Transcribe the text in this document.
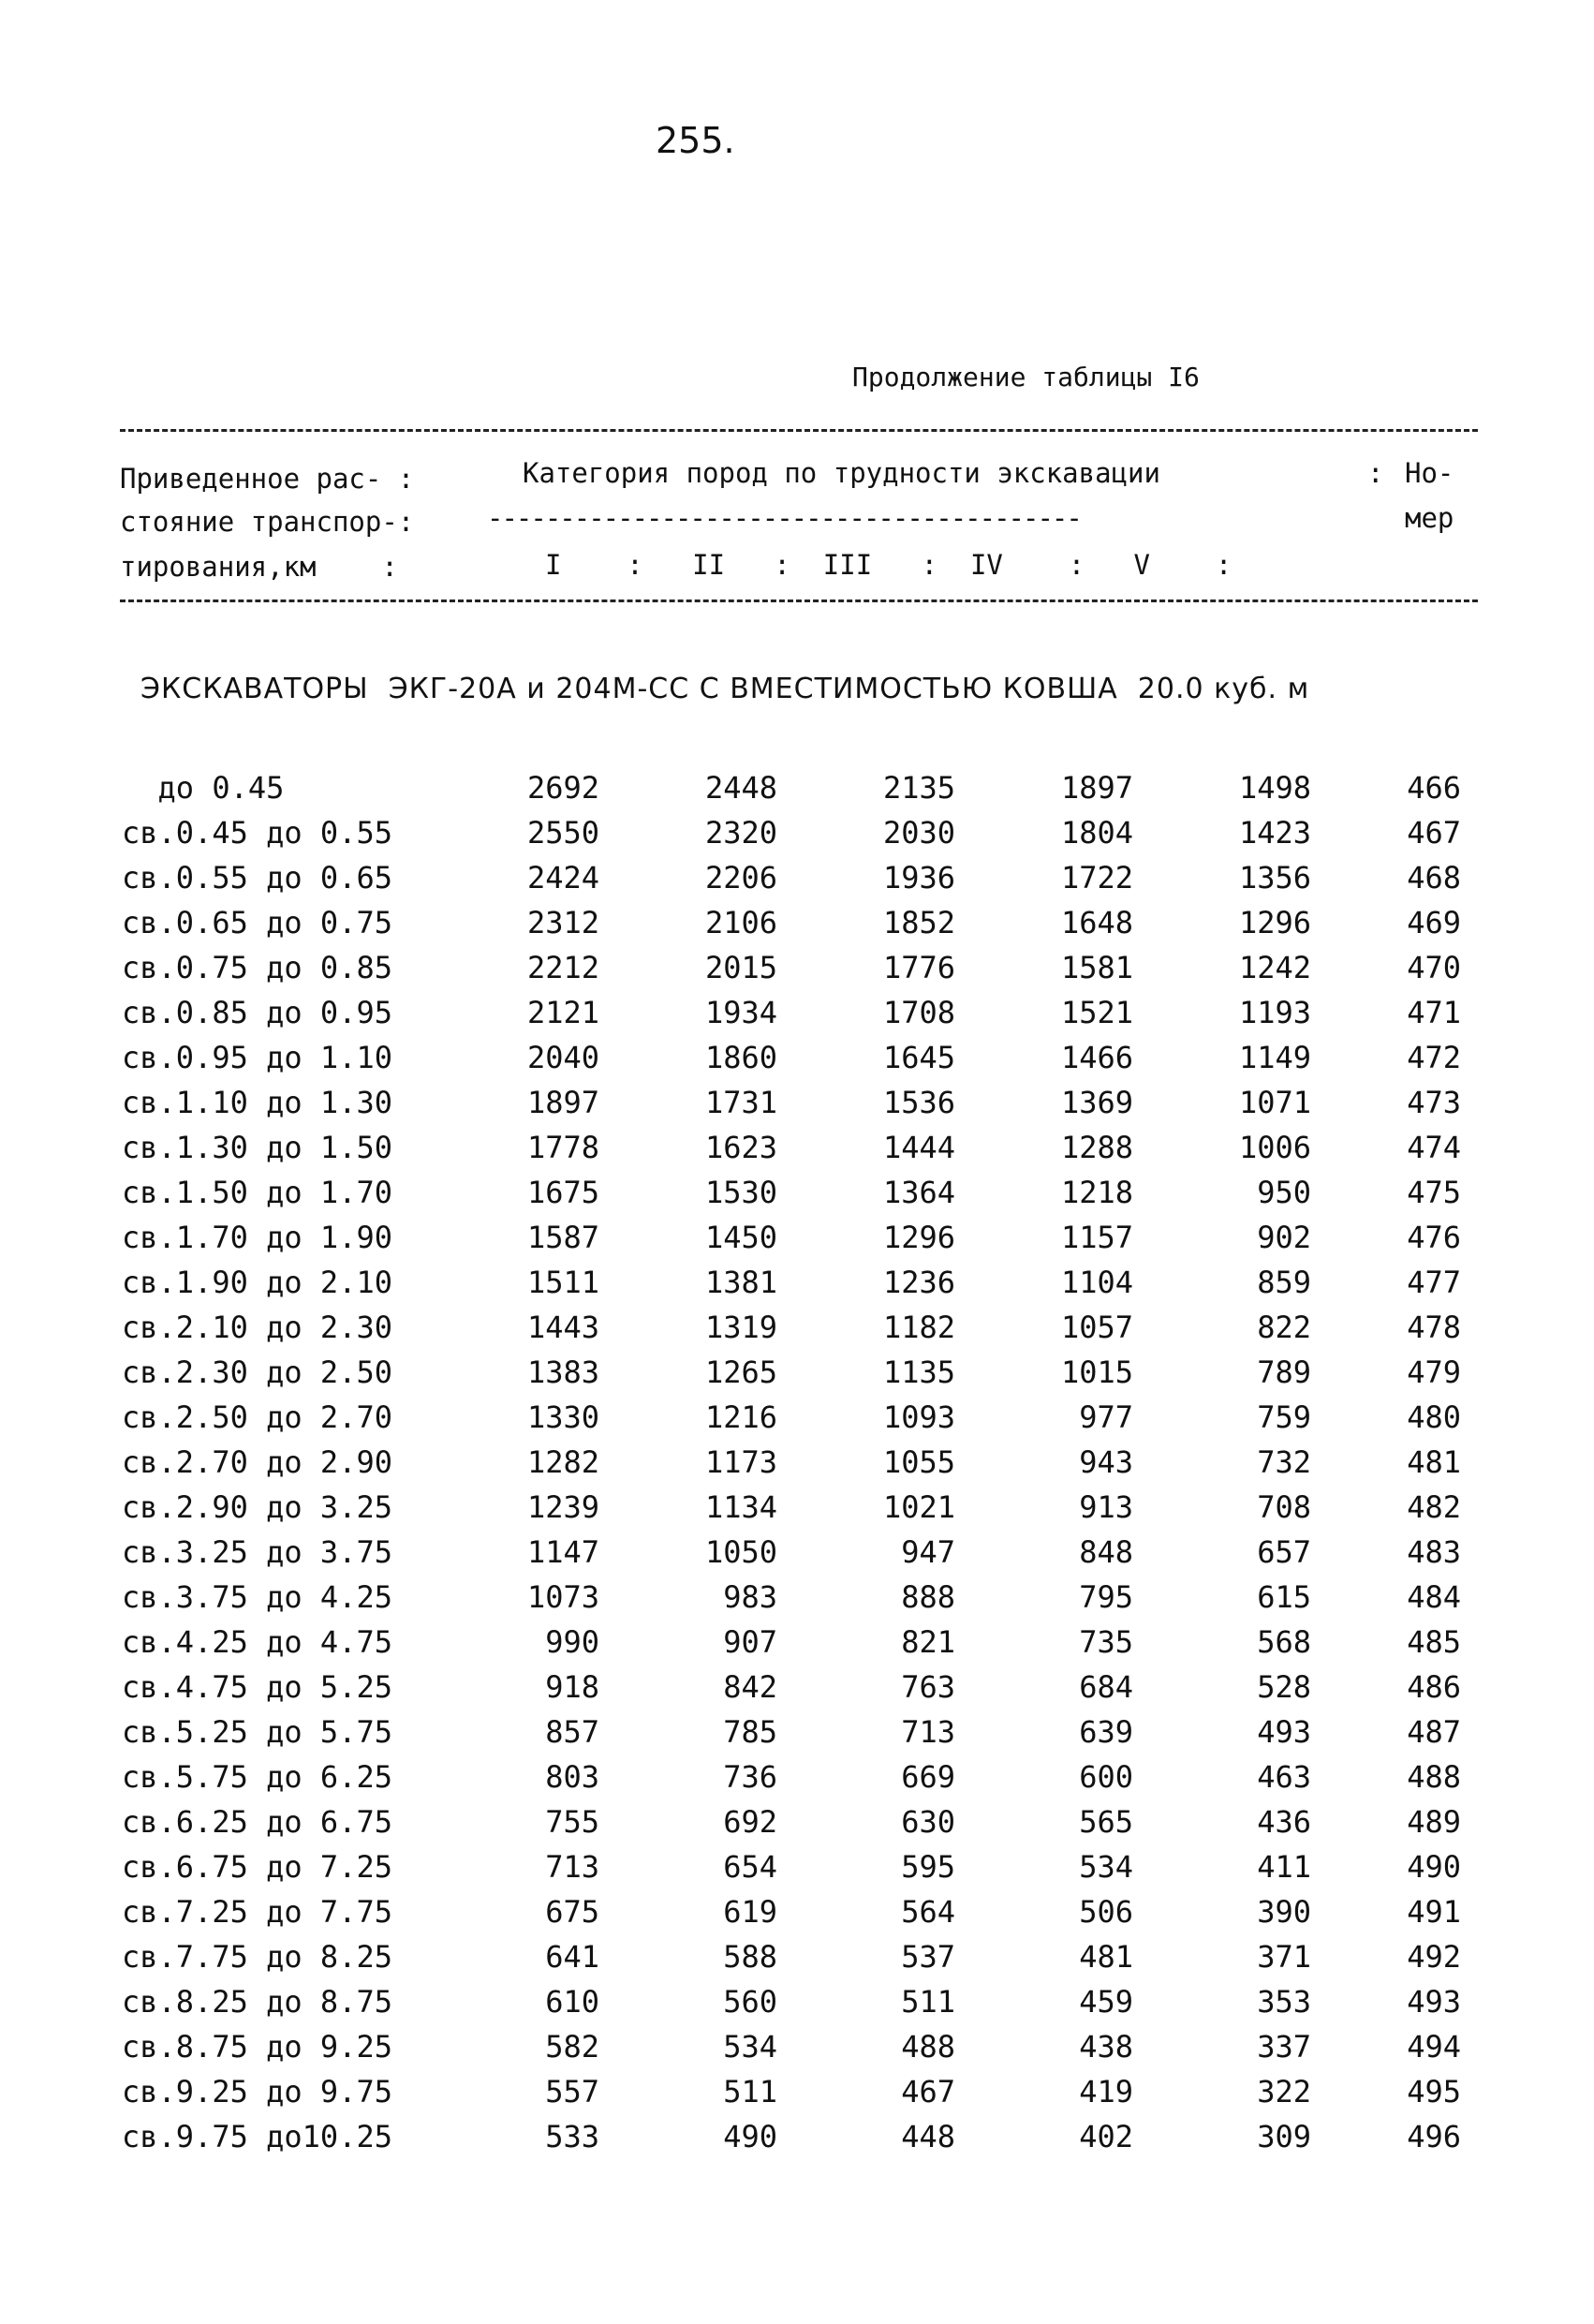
255.
Продолжение таблицы I6
Приведенное рас- :	Категория пород по трудности экскавации	: Но-
стояние транспор-:	-----------------------------------------	мер
тирования,км    :	I    :   II   :  III   :  IV    :   V    :
ЭКСКАВАТОРЫ  ЭКГ-20А и 204М-СС С ВМЕСТИМОСТЬЮ КОВША  20.0 куб. м
до 0.45	2692	2448	2135	1897	1498	466
св.0.45 до 0.55	2550	2320	2030	1804	1423	467
св.0.55 до 0.65	2424	2206	1936	1722	1356	468
св.0.65 до 0.75	2312	2106	1852	1648	1296	469
св.0.75 до 0.85	2212	2015	1776	1581	1242	470
св.0.85 до 0.95	2121	1934	1708	1521	1193	471
св.0.95 до 1.10	2040	1860	1645	1466	1149	472
св.1.10 до 1.30	1897	1731	1536	1369	1071	473
св.1.30 до 1.50	1778	1623	1444	1288	1006	474
св.1.50 до 1.70	1675	1530	1364	1218	950	475
св.1.70 до 1.90	1587	1450	1296	1157	902	476
св.1.90 до 2.10	1511	1381	1236	1104	859	477
св.2.10 до 2.30	1443	1319	1182	1057	822	478
св.2.30 до 2.50	1383	1265	1135	1015	789	479
св.2.50 до 2.70	1330	1216	1093	977	759	480
св.2.70 до 2.90	1282	1173	1055	943	732	481
св.2.90 до 3.25	1239	1134	1021	913	708	482
св.3.25 до 3.75	1147	1050	947	848	657	483
св.3.75 до 4.25	1073	983	888	795	615	484
св.4.25 до 4.75	990	907	821	735	568	485
св.4.75 до 5.25	918	842	763	684	528	486
св.5.25 до 5.75	857	785	713	639	493	487
св.5.75 до 6.25	803	736	669	600	463	488
св.6.25 до 6.75	755	692	630	565	436	489
св.6.75 до 7.25	713	654	595	534	411	490
св.7.25 до 7.75	675	619	564	506	390	491
св.7.75 до 8.25	641	588	537	481	371	492
св.8.25 до 8.75	610	560	511	459	353	493
св.8.75 до 9.25	582	534	488	438	337	494
св.9.25 до 9.75	557	511	467	419	322	495
св.9.75 до10.25	533	490	448	402	309	496
